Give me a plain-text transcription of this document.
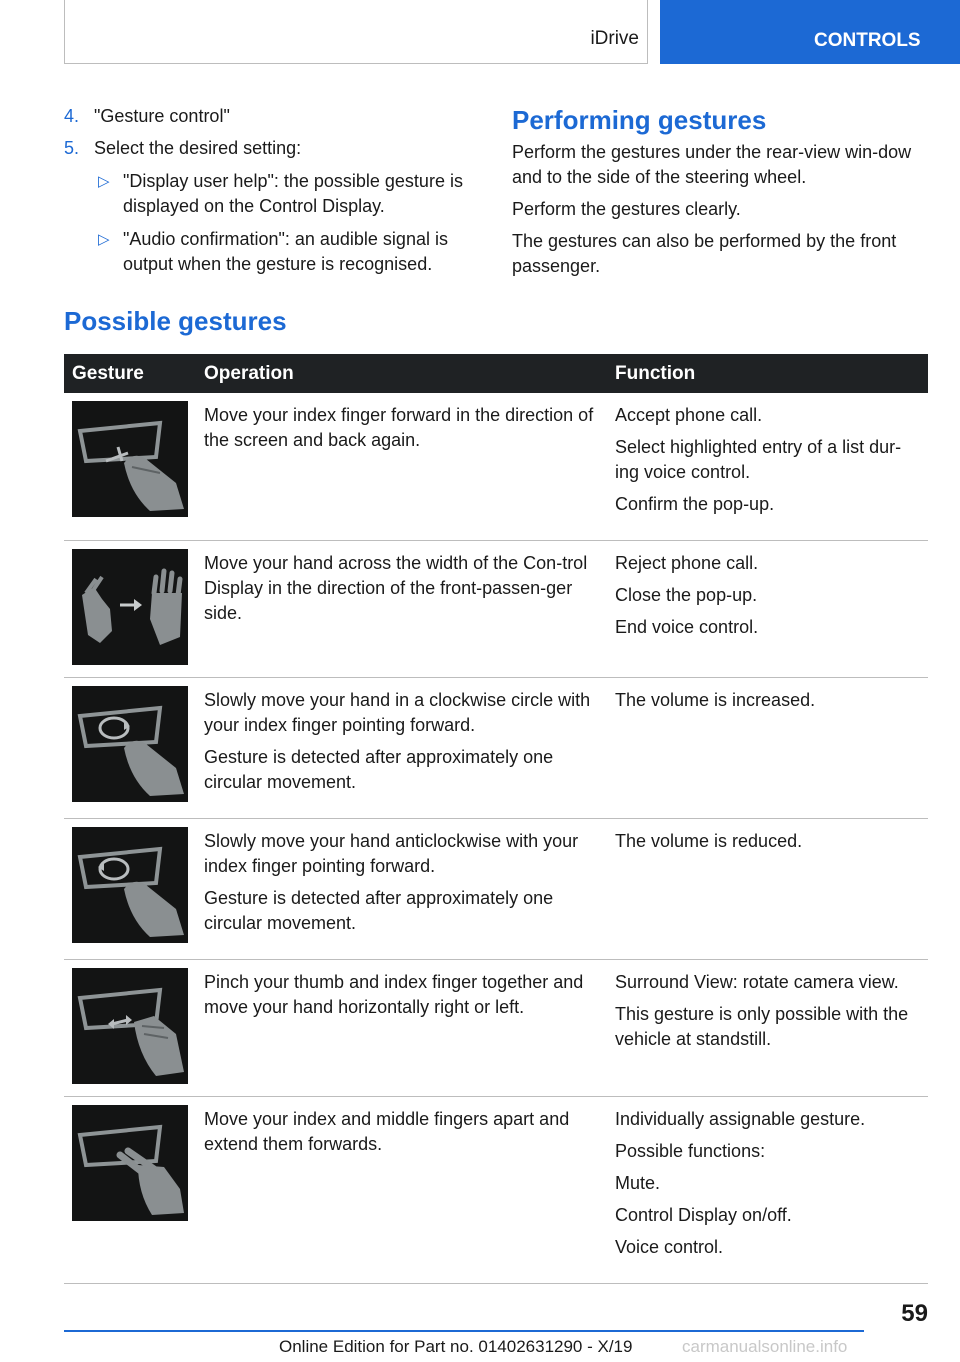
iDrive	CONTROLS
4. "Gesture control"
5. Select the desired setting:
▷ "Display user help": the possible gesture is displayed on the Control Display.
▷ "Audio confirmation": an audible signal is output when the gesture is recognised.
Performing gestures

Perform the gestures under the rear-view win-dow and to the side of the steering wheel.

Perform the gestures clearly.

The gestures can also be performed by the front passenger.

Possible gestures
Gesture	Operation	Function

Move your index finger forward in the direction of the screen and back again.	Accept phone call.

Select highlighted entry of a list dur-ing voice control.

Confirm the pop-up.

Move your hand across the width of the Con-trol Display in the direction of the front-passen-ger side.	Reject phone call.

Close the pop-up.

End voice control.

Slowly move your hand in a clockwise circle with your index finger pointing forward.

Gesture is detected after approximately one circular movement.	The volume is increased.

Slowly move your hand anticlockwise with your index finger pointing forward.

Gesture is detected after approximately one circular movement.	The volume is reduced.

Pinch your thumb and index finger together and move your hand horizontally right or left.	Surround View: rotate camera view.

This gesture is only possible with the vehicle at standstill.

Move your index and middle fingers apart and extend them forwards.	Individually assignable gesture.

Possible functions:

Mute.

Control Display on/off.

Voice control.

59
Online Edition for Part no. 01402631290 - X/19	carmanualsonline.info
